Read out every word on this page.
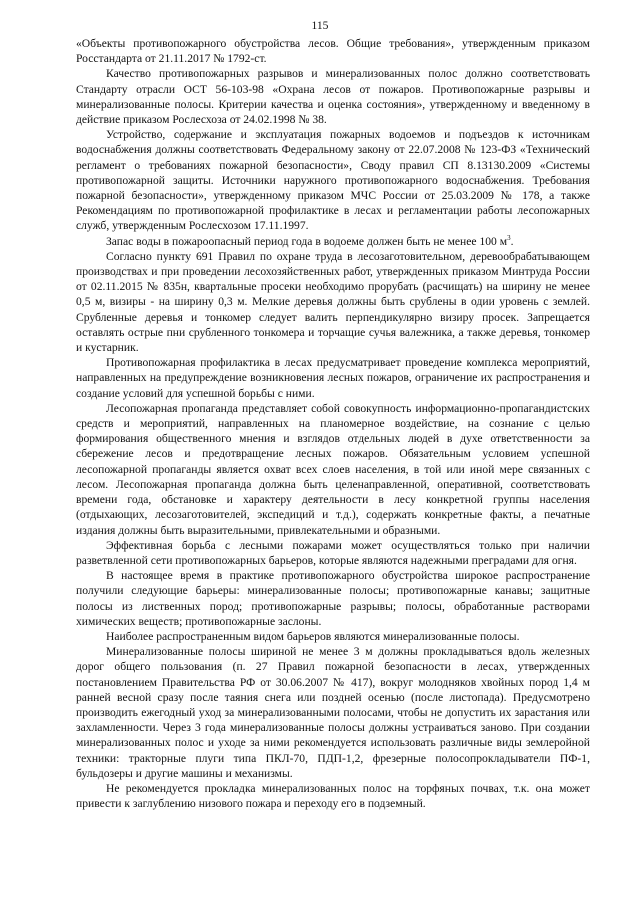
115

«Объекты противопожарного обустройства лесов. Общие требования», утвержденным приказом Росстандарта от 21.11.2017 № 1792-ст.

Качество противопожарных разрывов и минерализованных полос должно соответствовать Стандарту отрасли ОСТ 56-103-98 «Охрана лесов от пожаров. Противопожарные разрывы и минерализованные полосы. Критерии качества и оценка состояния», утвержденному и введенному в действие приказом Рослесхоза от 24.02.1998 № 38.

Устройство, содержание и эксплуатация пожарных водоемов и подъездов к источникам водоснабжения должны соответствовать Федеральному закону от 22.07.2008 № 123-ФЗ «Технический регламент о требованиях пожарной безопасности», Своду правил СП 8.13130.2009 «Системы противопожарной защиты. Источники наружного противопожарного водоснабжения. Требования пожарной безопасности», утвержденному приказом МЧС России от 25.03.2009 № 178, а также Рекомендациям по противопожарной профилактике в лесах и регламентации работы лесопожарных служб, утвержденным Рослесхозом 17.11.1997.

Запас воды в пожароопасный период года в водоеме должен быть не менее 100 $м^3$.

Согласно пункту 691 Правил по охране труда в лесозаготовительном, деревообрабатывающем производствах и при проведении лесохозяйственных работ, утвержденных приказом Минтруда России от 02.11.2015 № 835н, квартальные просеки необходимо прорубать (расчищать) на ширину не менее 0,5 м, визиры - на ширину 0,3 м. Мелкие деревья должны быть срублены в одии уровень с землей. Срубленные деревья и тонкомер следует валить перпендикулярно визиру просек. Запрещается оставлять острые пни срубленного тонкомера и торчащие сучья валежника, а также деревья, тонкомер и кустарник.

Противопожарная профилактика в лесах предусматривает проведение комплекса мероприятий, направленных на предупреждение возникновения лесных пожаров, ограничение их распространения и создание условий для успешной борьбы с ними.

Лесопожарная пропаганда представляет собой совокупность информационно-пропагандистских средств и мероприятий, направленных на планомерное воздействие, на сознание с целью формирования общественного мнения и взглядов отдельных людей в духе ответственности за сбережение лесов и предотвращение лесных пожаров. Обязательным условием успешной лесопожарной пропаганды является охват всех слоев населения, в той или иной мере связанных с лесом. Лесопожарная пропаганда должна быть целенаправленной, оперативной, соответствовать времени года, обстановке и характеру деятельности в лесу конкретной группы населения (отдыхающих, лесозаготовителей, экспедиций и т.д.), содержать конкретные факты, а печатные издания должны быть выразительными, привлекательными и образными.

Эффективная борьба с лесными пожарами может осуществляться только при наличии разветвленной сети противопожарных барьеров, которые являются надежными преградами для огня.

В настоящее время в практике противопожарного обустройства широкое распространение получили следующие барьеры: минерализованные полосы; противопожарные канавы; защитные полосы из лиственных пород; противопожарные разрывы; полосы, обработанные растворами химических веществ; противопожарные заслоны.

Наиболее распространенным видом барьеров являются минерализованные полосы.

Минерализованные полосы шириной не менее 3 м должны прокладываться вдоль железных дорог общего пользования (п. 27 Правил пожарной безопасности в лесах, утвержденных постановлением Правительства РФ от 30.06.2007 № 417), вокруг молодняков хвойных пород 1,4 м ранней весной сразу после таяния снега или поздней осенью (после листопада). Предусмотрено производить ежегодный уход за минерализованными полосами, чтобы не допустить их зарастания или захламленности. Через 3 года минерализованные полосы должны устраиваться заново. При создании минерализованных полос и уходе за ними рекомендуется использовать различные виды землеройной техники: тракторные плуги типа ПКЛ-70, ПДП-1,2, фрезерные полосопрокладыватели ПФ-1, бульдозеры и другие машины и механизмы.

Не рекомендуется прокладка минерализованных полос на торфяных почвах, т.к. она может привести к заглублению низового пожара и переходу его в подземный.
